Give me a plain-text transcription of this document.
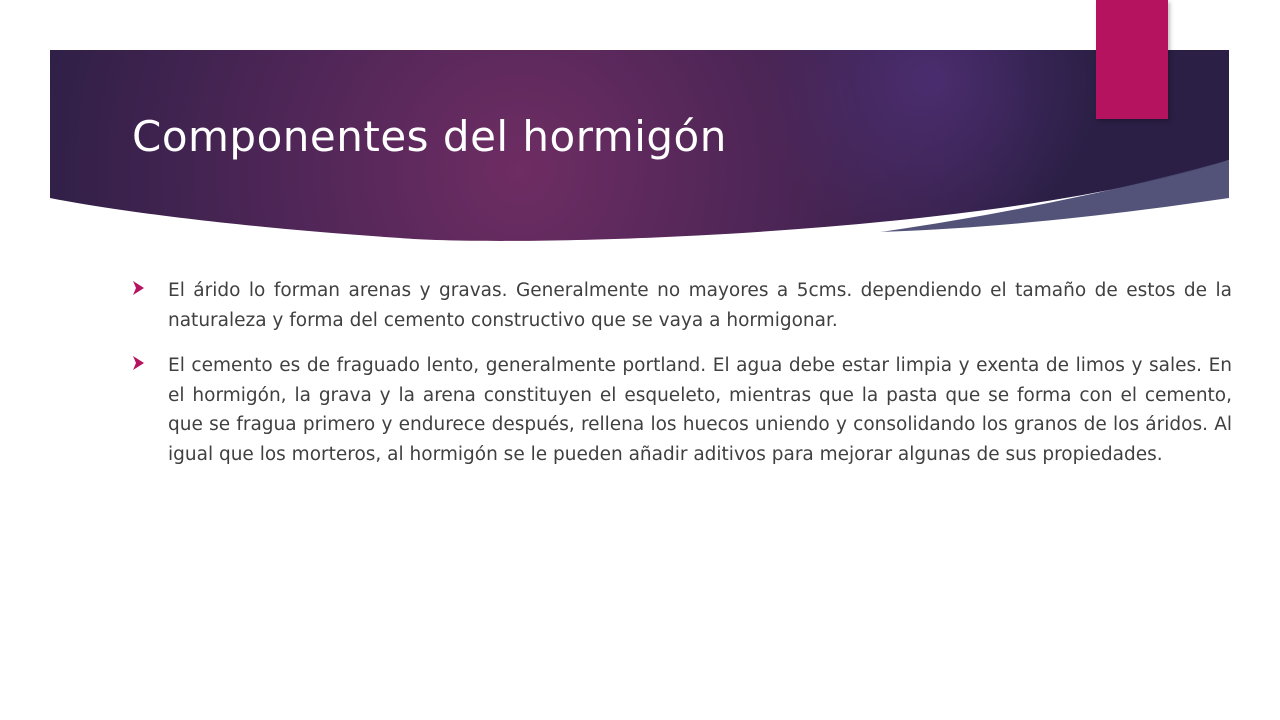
Componentes del hormigón
El árido lo forman arenas y gravas. Generalmente no mayores a 5cms. dependiendo el tamaño de estos de la naturaleza y forma del cemento constructivo que se vaya a hormigonar.
El cemento es de fraguado lento, generalmente portland. El agua debe estar limpia y exenta de limos y sales. En el hormigón, la grava y la arena constituyen el esqueleto, mientras que la pasta que se forma con el cemento, que se fragua primero y endurece después, rellena los huecos uniendo y consolidando los granos de los áridos. Al igual que los morteros, al hormigón se le pueden añadir aditivos para mejorar algunas de sus propiedades.
